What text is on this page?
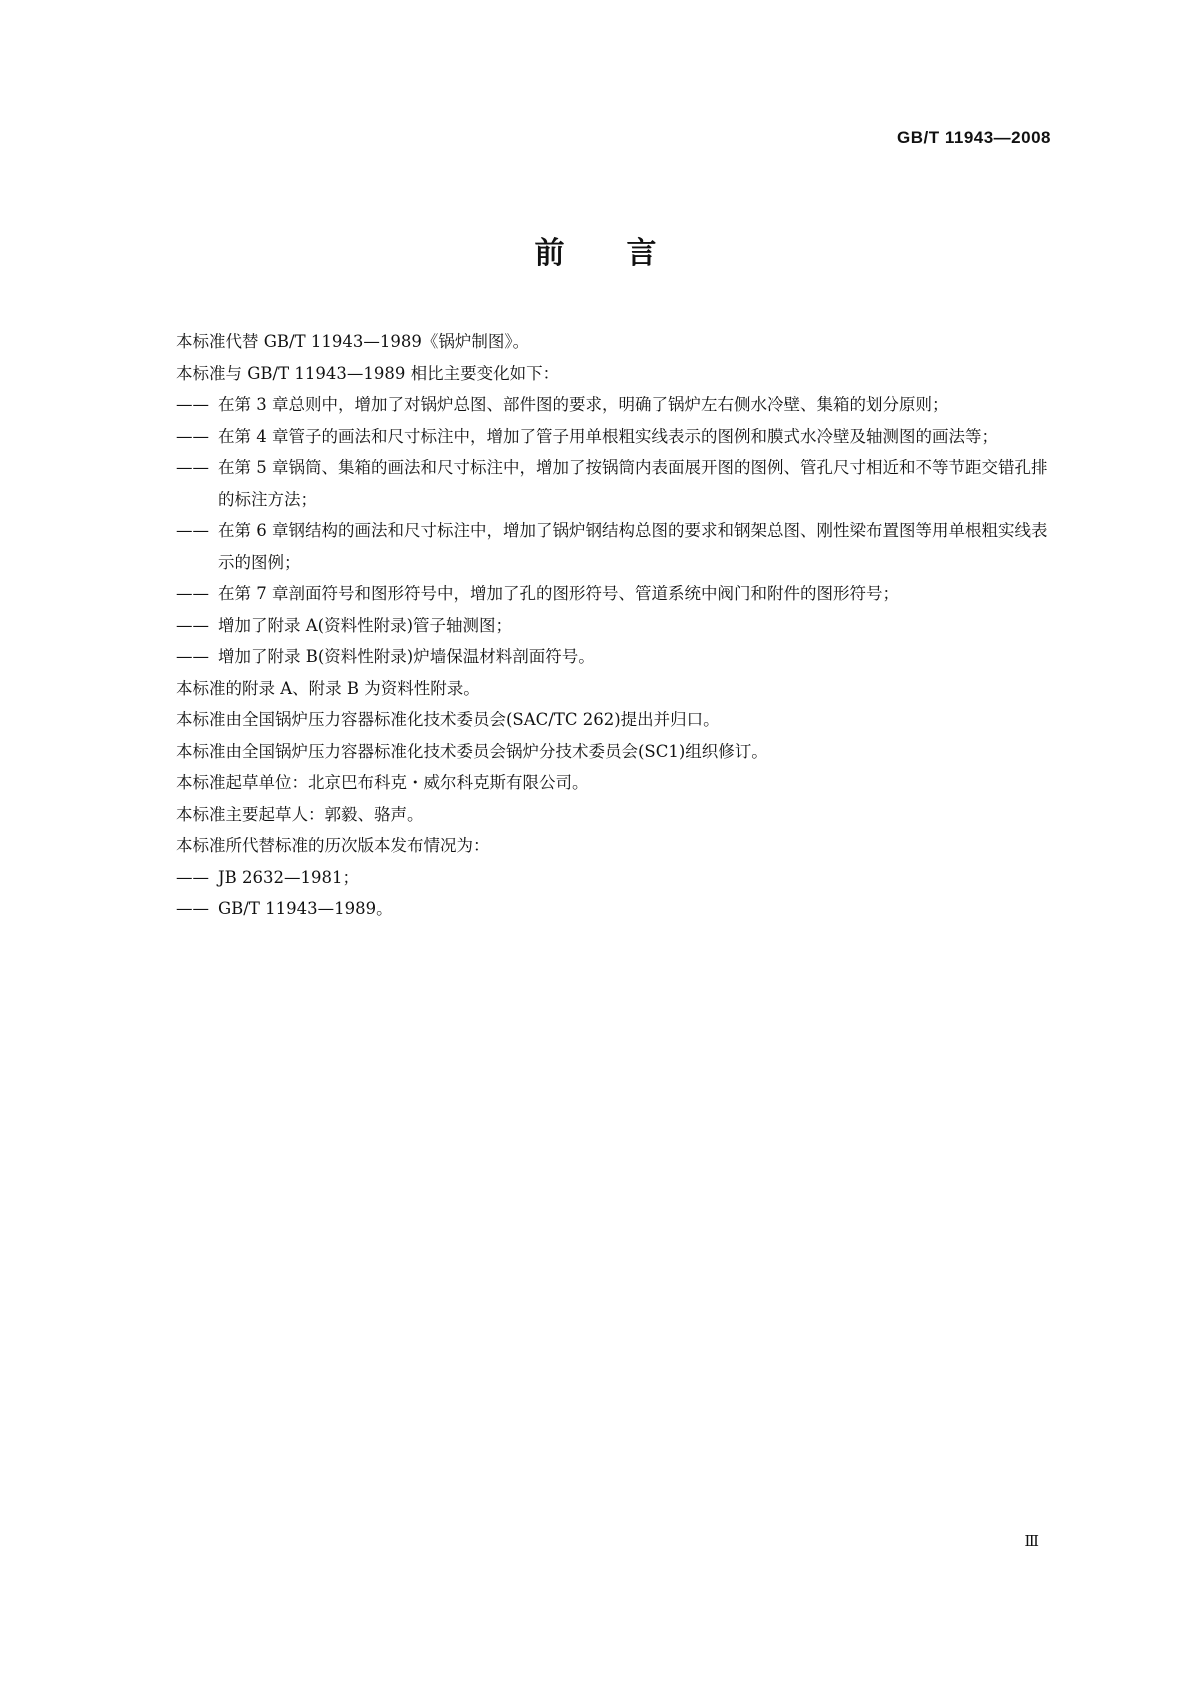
GB/T 11943—2008
前言

本标准代替 GB/T 11943—1989《锅炉制图》。

本标准与 GB/T 11943—1989 相比主要变化如下：

—— 在第 3 章总则中，增加了对锅炉总图、部件图的要求，明确了锅炉左右侧水冷壁、集箱的划分原则；

—— 在第 4 章管子的画法和尺寸标注中，增加了管子用单根粗实线表示的图例和膜式水冷壁及轴测图的画法等；

—— 在第 5 章锅筒、集箱的画法和尺寸标注中，增加了按锅筒内表面展开图的图例、管孔尺寸相近和不等节距交错孔排的标注方法；

—— 在第 6 章钢结构的画法和尺寸标注中，增加了锅炉钢结构总图的要求和钢架总图、刚性梁布置图等用单根粗实线表示的图例；

—— 在第 7 章剖面符号和图形符号中，增加了孔的图形符号、管道系统中阀门和附件的图形符号；

—— 增加了附录 A(资料性附录)管子轴测图；

—— 增加了附录 B(资料性附录)炉墙保温材料剖面符号。

本标准的附录 A、附录 B 为资料性附录。

本标准由全国锅炉压力容器标准化技术委员会(SAC/TC 262)提出并归口。

本标准由全国锅炉压力容器标准化技术委员会锅炉分技术委员会(SC1)组织修订。

本标准起草单位：北京巴布科克・威尔科克斯有限公司。

本标准主要起草人：郭毅、骆声。

本标准所代替标准的历次版本发布情况为：

—— JB 2632—1981；

—— GB/T 11943—1989。

Ⅲ
